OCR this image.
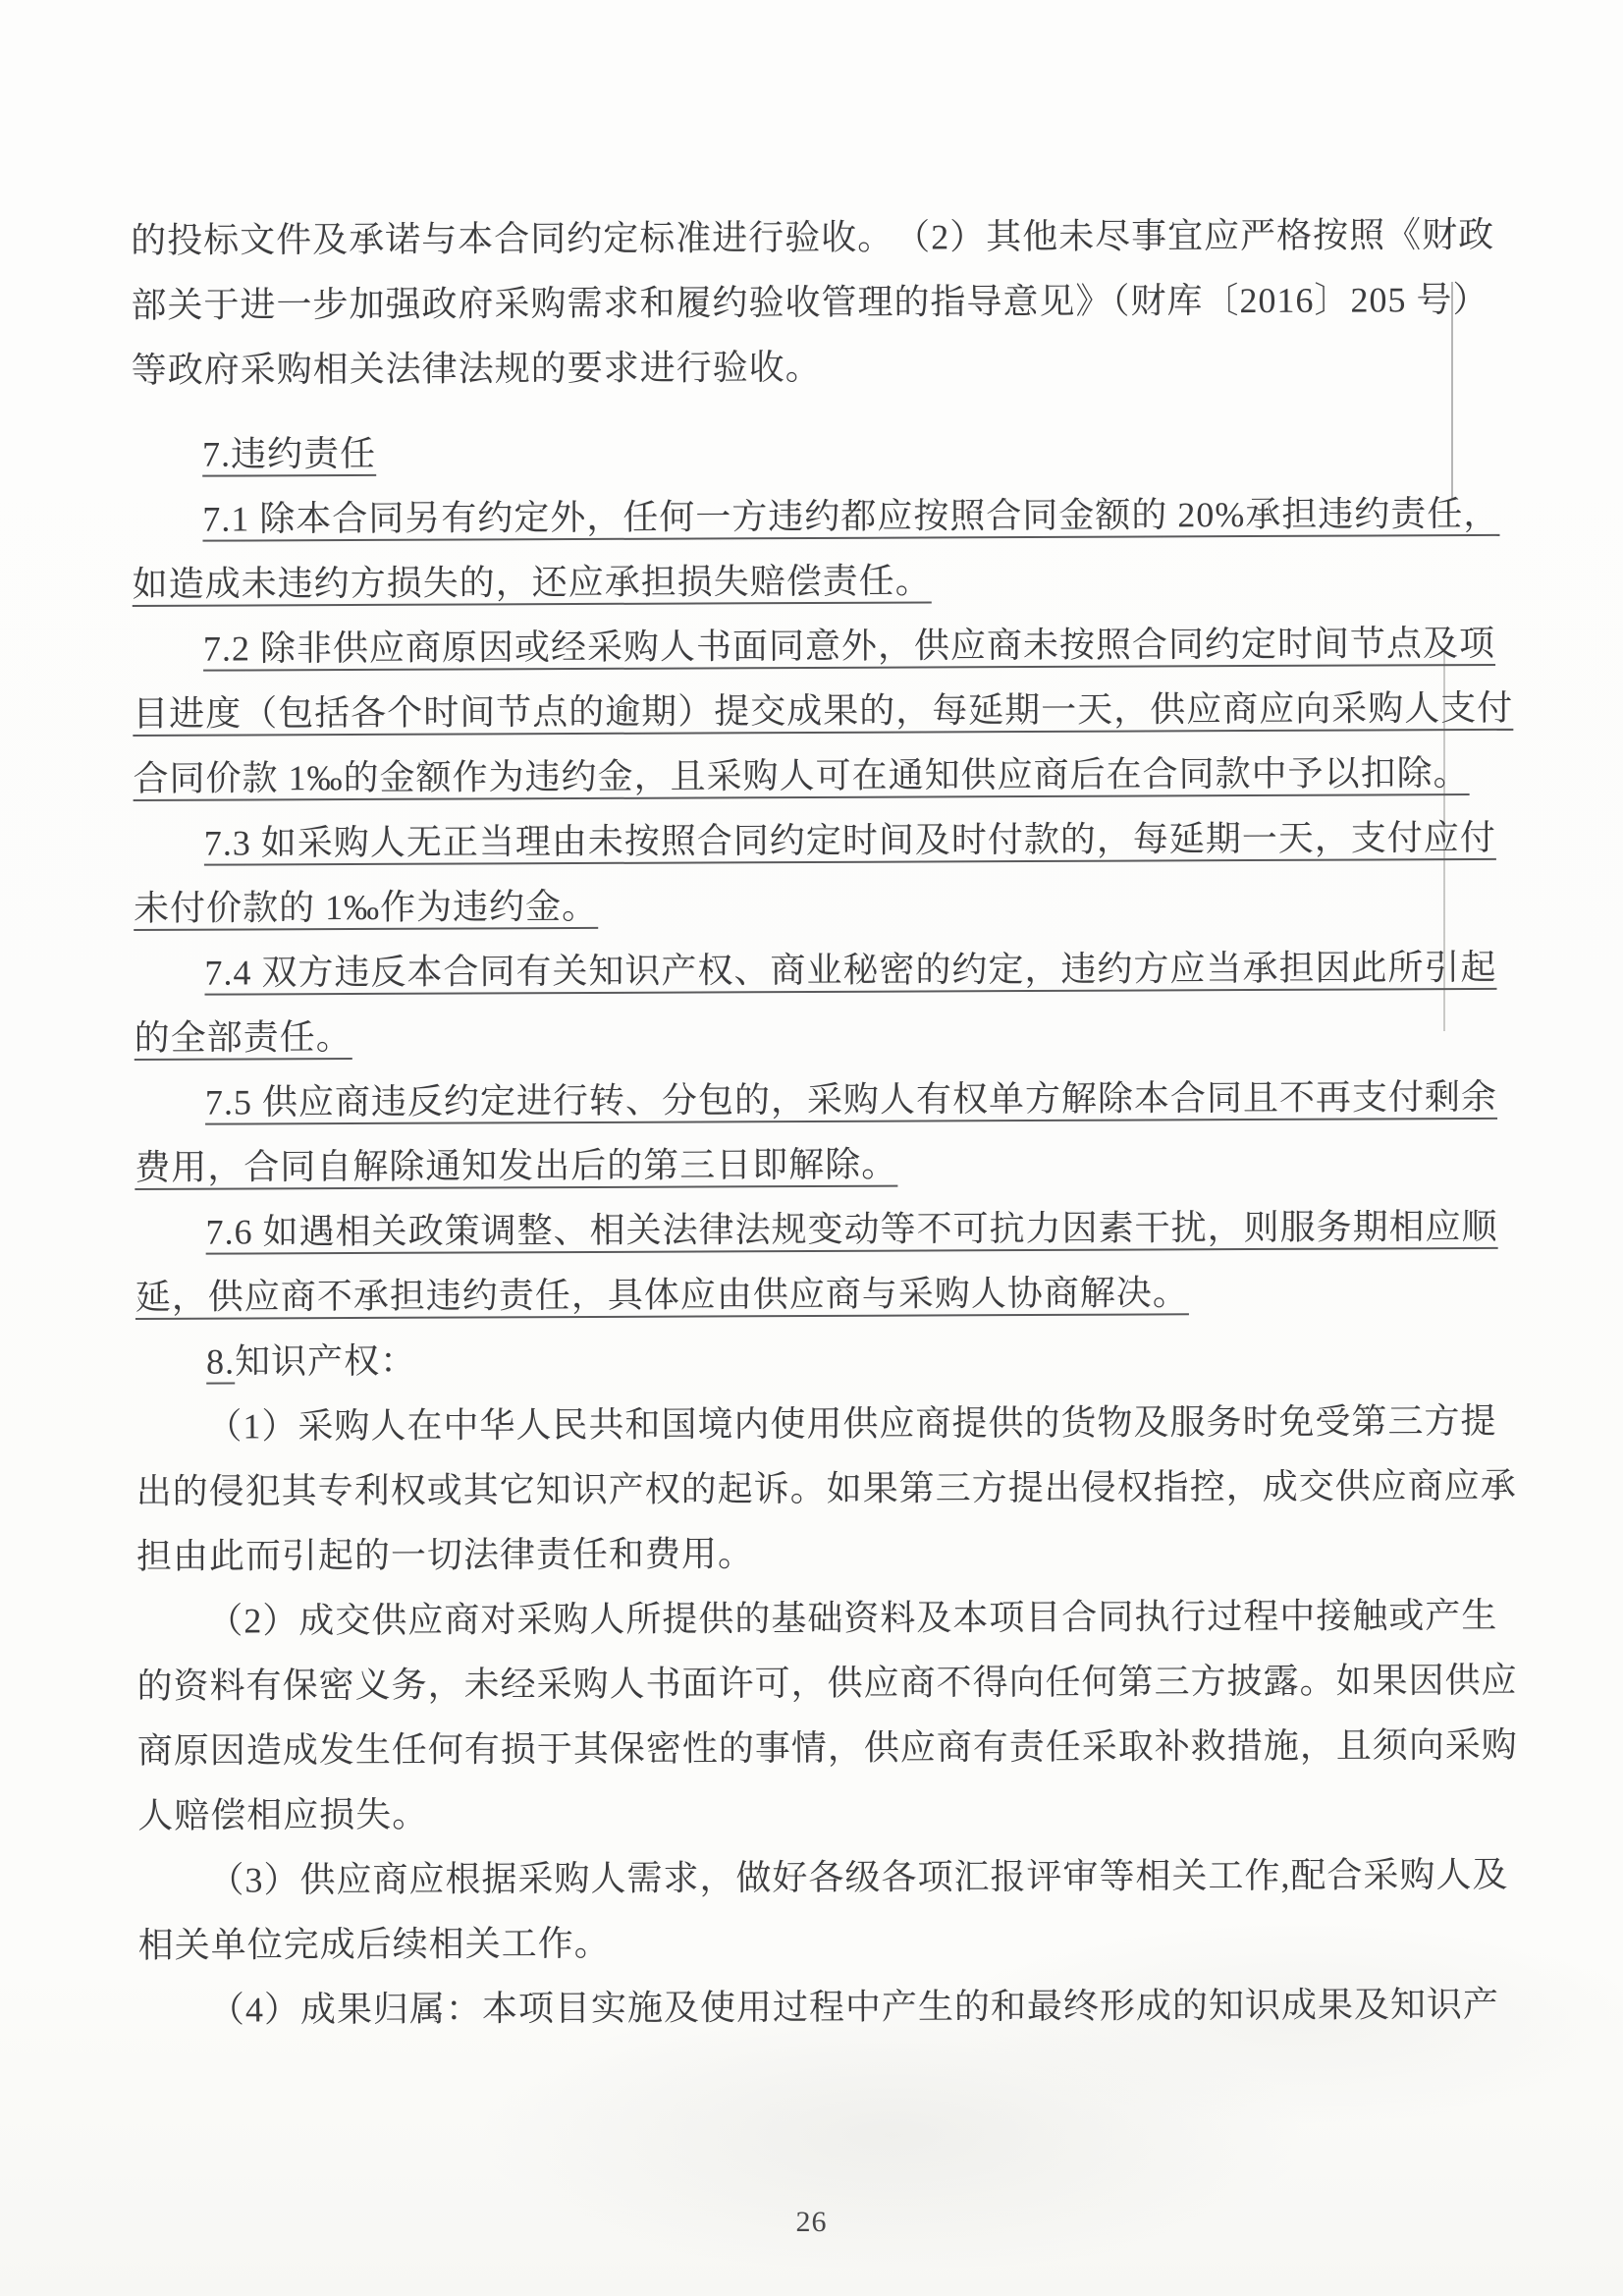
的投标文件及承诺与本合同约定标准进行验收。　（2）其他未尽事宜应严格按照《财政
部关于进一步加强政府采购需求和履约验收管理的指导意见》（财库〔2016〕205 号）
等政府采购相关法律法规的要求进行验收。
7.违约责任
7.1 除本合同另有约定外，任何一方违约都应按照合同金额的 20%承担违约责任，
如造成未违约方损失的，还应承担损失赔偿责任。
7.2 除非供应商原因或经采购人书面同意外，供应商未按照合同约定时间节点及项
目进度（包括各个时间节点的逾期）提交成果的，每延期一天，供应商应向采购人支付
合同价款 1‰的金额作为违约金，且采购人可在通知供应商后在合同款中予以扣除。
7.3 如采购人无正当理由未按照合同约定时间及时付款的，每延期一天，支付应付
未付价款的 1‰作为违约金。
7.4 双方违反本合同有关知识产权、商业秘密的约定，违约方应当承担因此所引起
的全部责任。
7.5 供应商违反约定进行转、分包的，采购人有权单方解除本合同且不再支付剩余
费用，合同自解除通知发出后的第三日即解除。
7.6 如遇相关政策调整、相关法律法规变动等不可抗力因素干扰，则服务期相应顺
延，供应商不承担违约责任，具体应由供应商与采购人协商解决。
8.知识产权：
（1）采购人在中华人民共和国境内使用供应商提供的货物及服务时免受第三方提
出的侵犯其专利权或其它知识产权的起诉。如果第三方提出侵权指控，成交供应商应承
担由此而引起的一切法律责任和费用。
（2）成交供应商对采购人所提供的基础资料及本项目合同执行过程中接触或产生
的资料有保密义务，未经采购人书面许可，供应商不得向任何第三方披露。如果因供应
商原因造成发生任何有损于其保密性的事情，供应商有责任采取补救措施，且须向采购
人赔偿相应损失。
（3）供应商应根据采购人需求，做好各级各项汇报评审等相关工作,配合采购人及
相关单位完成后续相关工作。
（4）成果归属：本项目实施及使用过程中产生的和最终形成的知识成果及知识产
26
